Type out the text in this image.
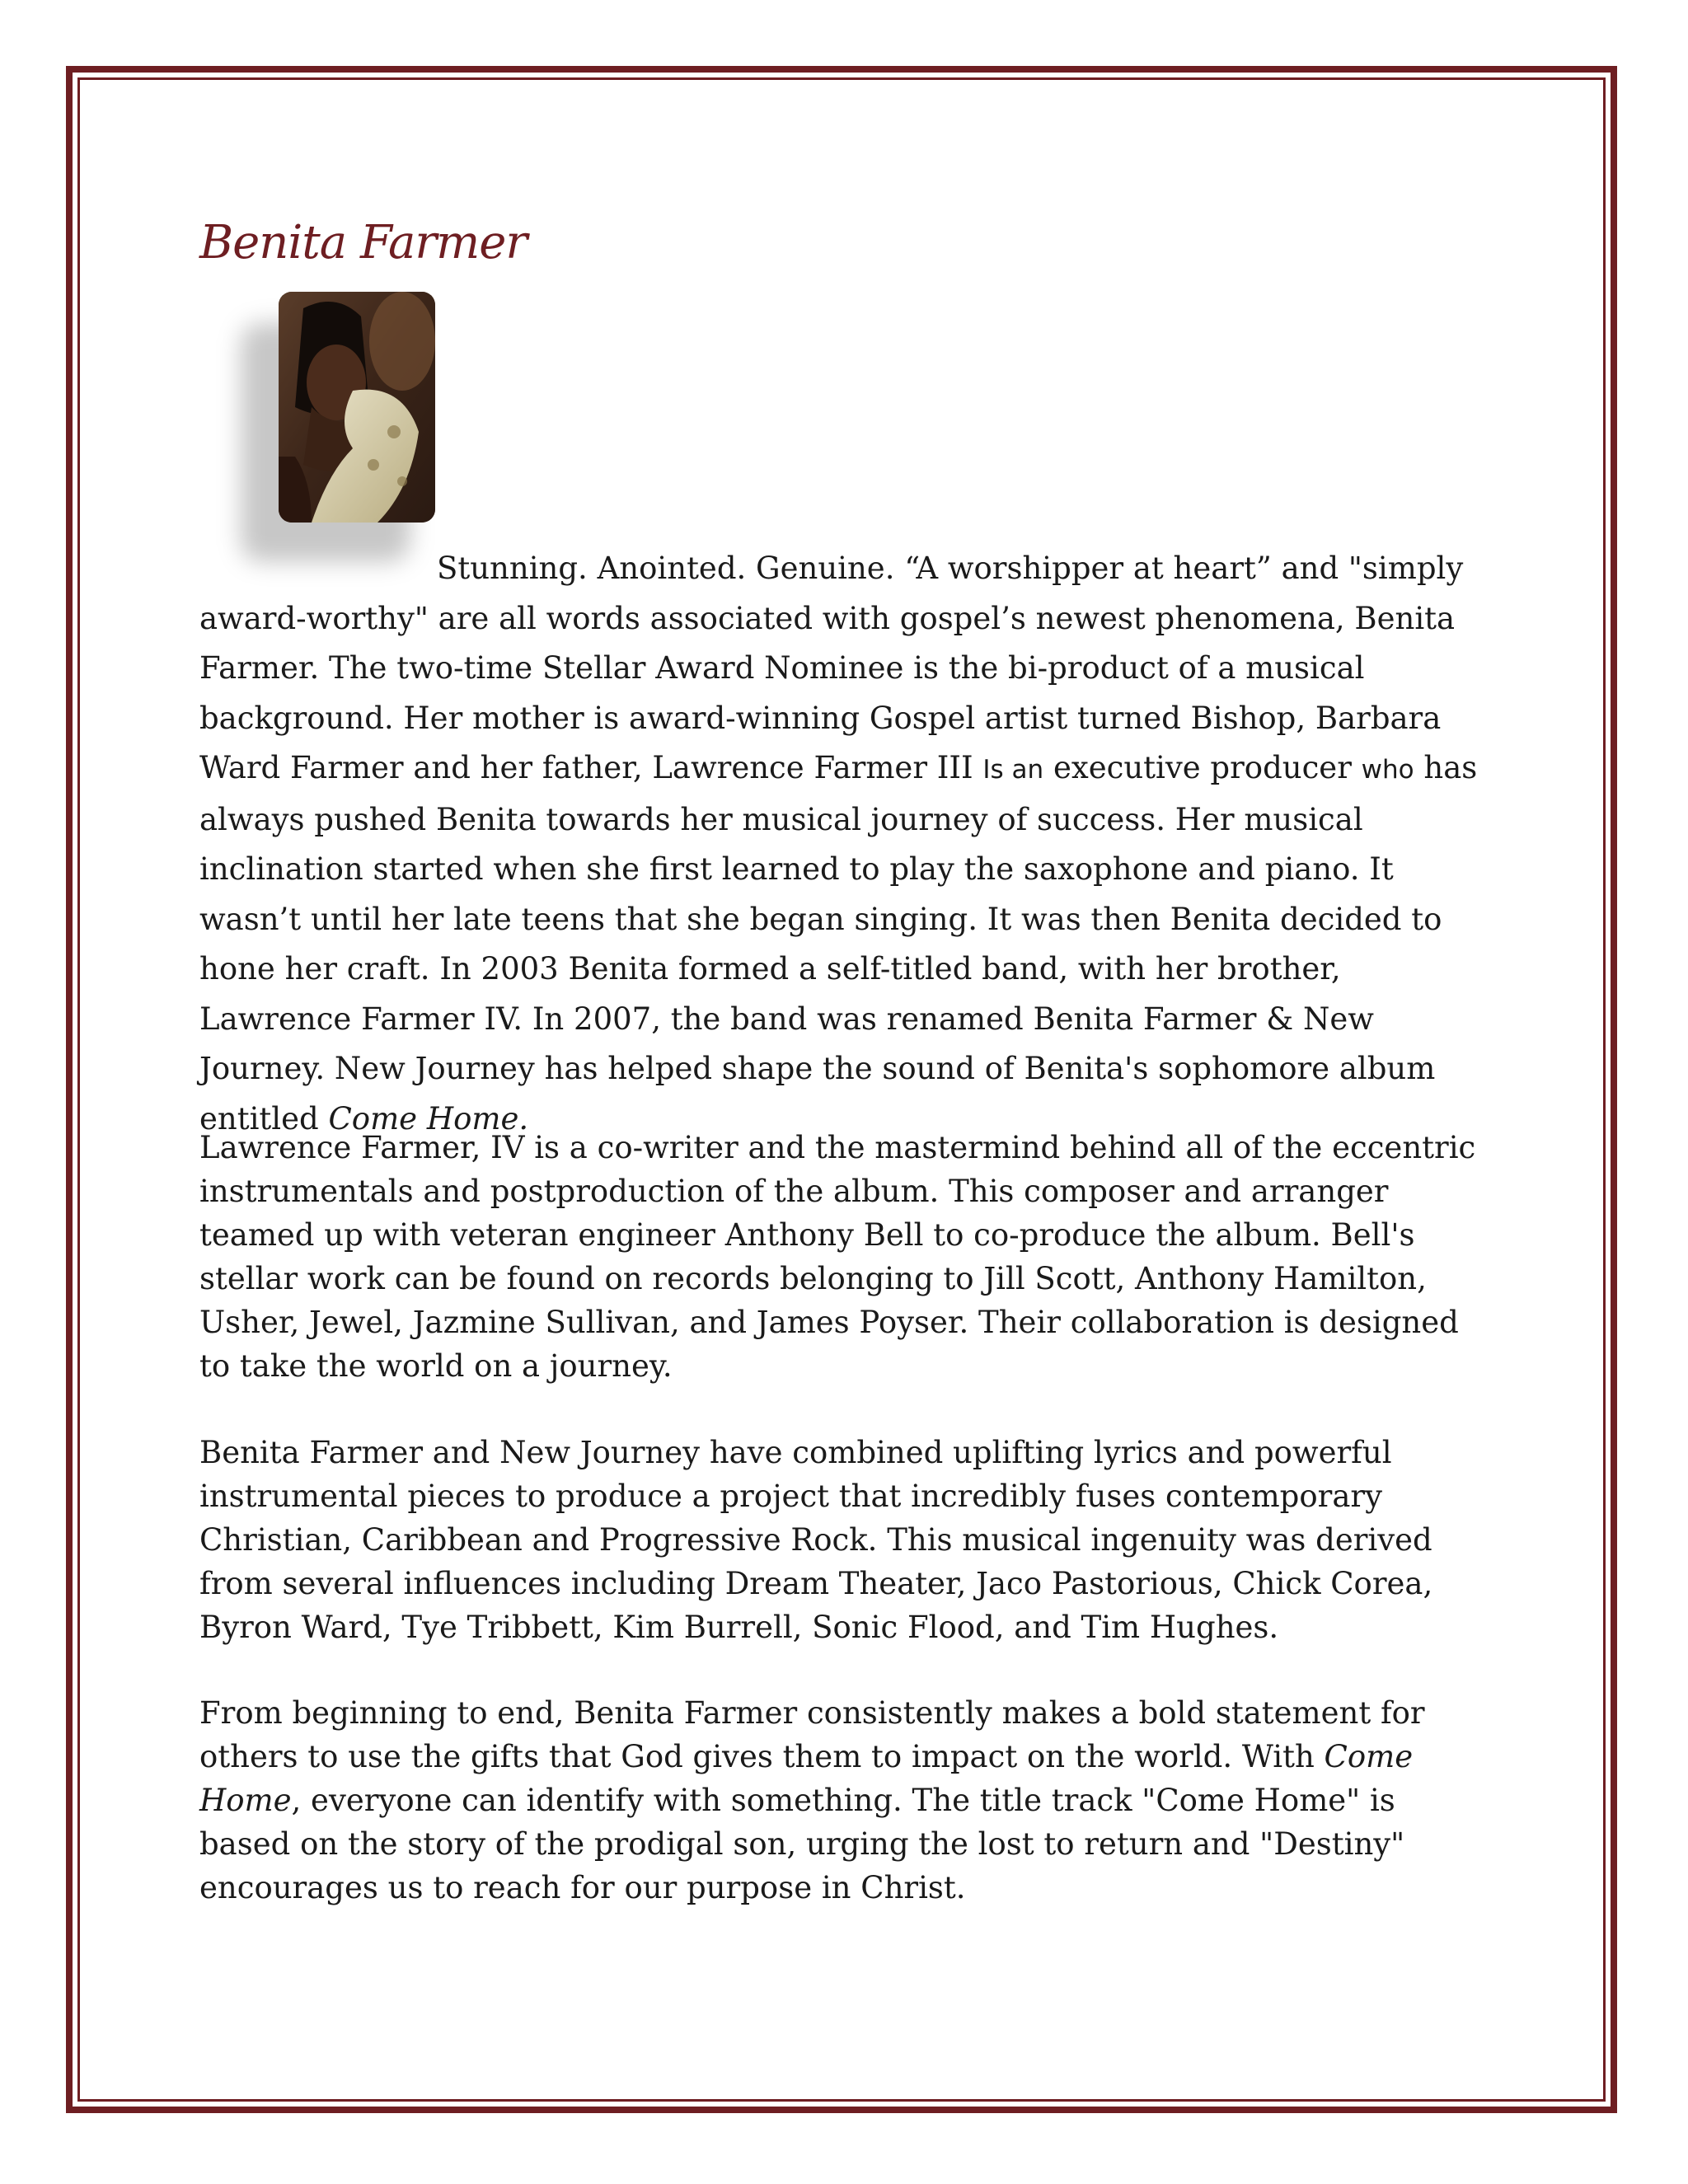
Benita Farmer

Stunning. Anointed. Genuine. “A worshipper at heart” and "simply award-worthy" are all words associated with gospel’s newest phenomena, Benita Farmer. The two-time Stellar Award Nominee is the bi-product of a musical background. Her mother is award-winning Gospel artist turned Bishop, Barbara Ward Farmer and her father, Lawrence Farmer III Is an executive producer who has always pushed Benita towards her musical journey of success. Her musical inclination started when she first learned to play the saxophone and piano. It wasn’t until her late teens that she began singing. It was then Benita decided to hone her craft. In 2003 Benita formed a self-titled band, with her brother, Lawrence Farmer IV. In 2007, the band was renamed Benita Farmer & New Journey. New Journey has helped shape the sound of Benita's sophomore album entitled Come Home.

Lawrence Farmer, IV is a co-writer and the mastermind behind all of the eccentric instrumentals and postproduction of the album. This composer and arranger teamed up with veteran engineer Anthony Bell to co-produce the album. Bell's stellar work can be found on records belonging to Jill Scott, Anthony Hamilton, Usher, Jewel, Jazmine Sullivan, and James Poyser. Their collaboration is designed to take the world on a journey.

Benita Farmer and New Journey have combined uplifting lyrics and powerful instrumental pieces to produce a project that incredibly fuses contemporary Christian, Caribbean and Progressive Rock. This musical ingenuity was derived from several influences including Dream Theater, Jaco Pastorious, Chick Corea, Byron Ward, Tye Tribbett, Kim Burrell, Sonic Flood, and Tim Hughes.

From beginning to end, Benita Farmer consistently makes a bold statement for others to use the gifts that God gives them to impact on the world. With Come Home, everyone can identify with something. The title track "Come Home" is based on the story of the prodigal son, urging the lost to return and "Destiny" encourages us to reach for our purpose in Christ.
